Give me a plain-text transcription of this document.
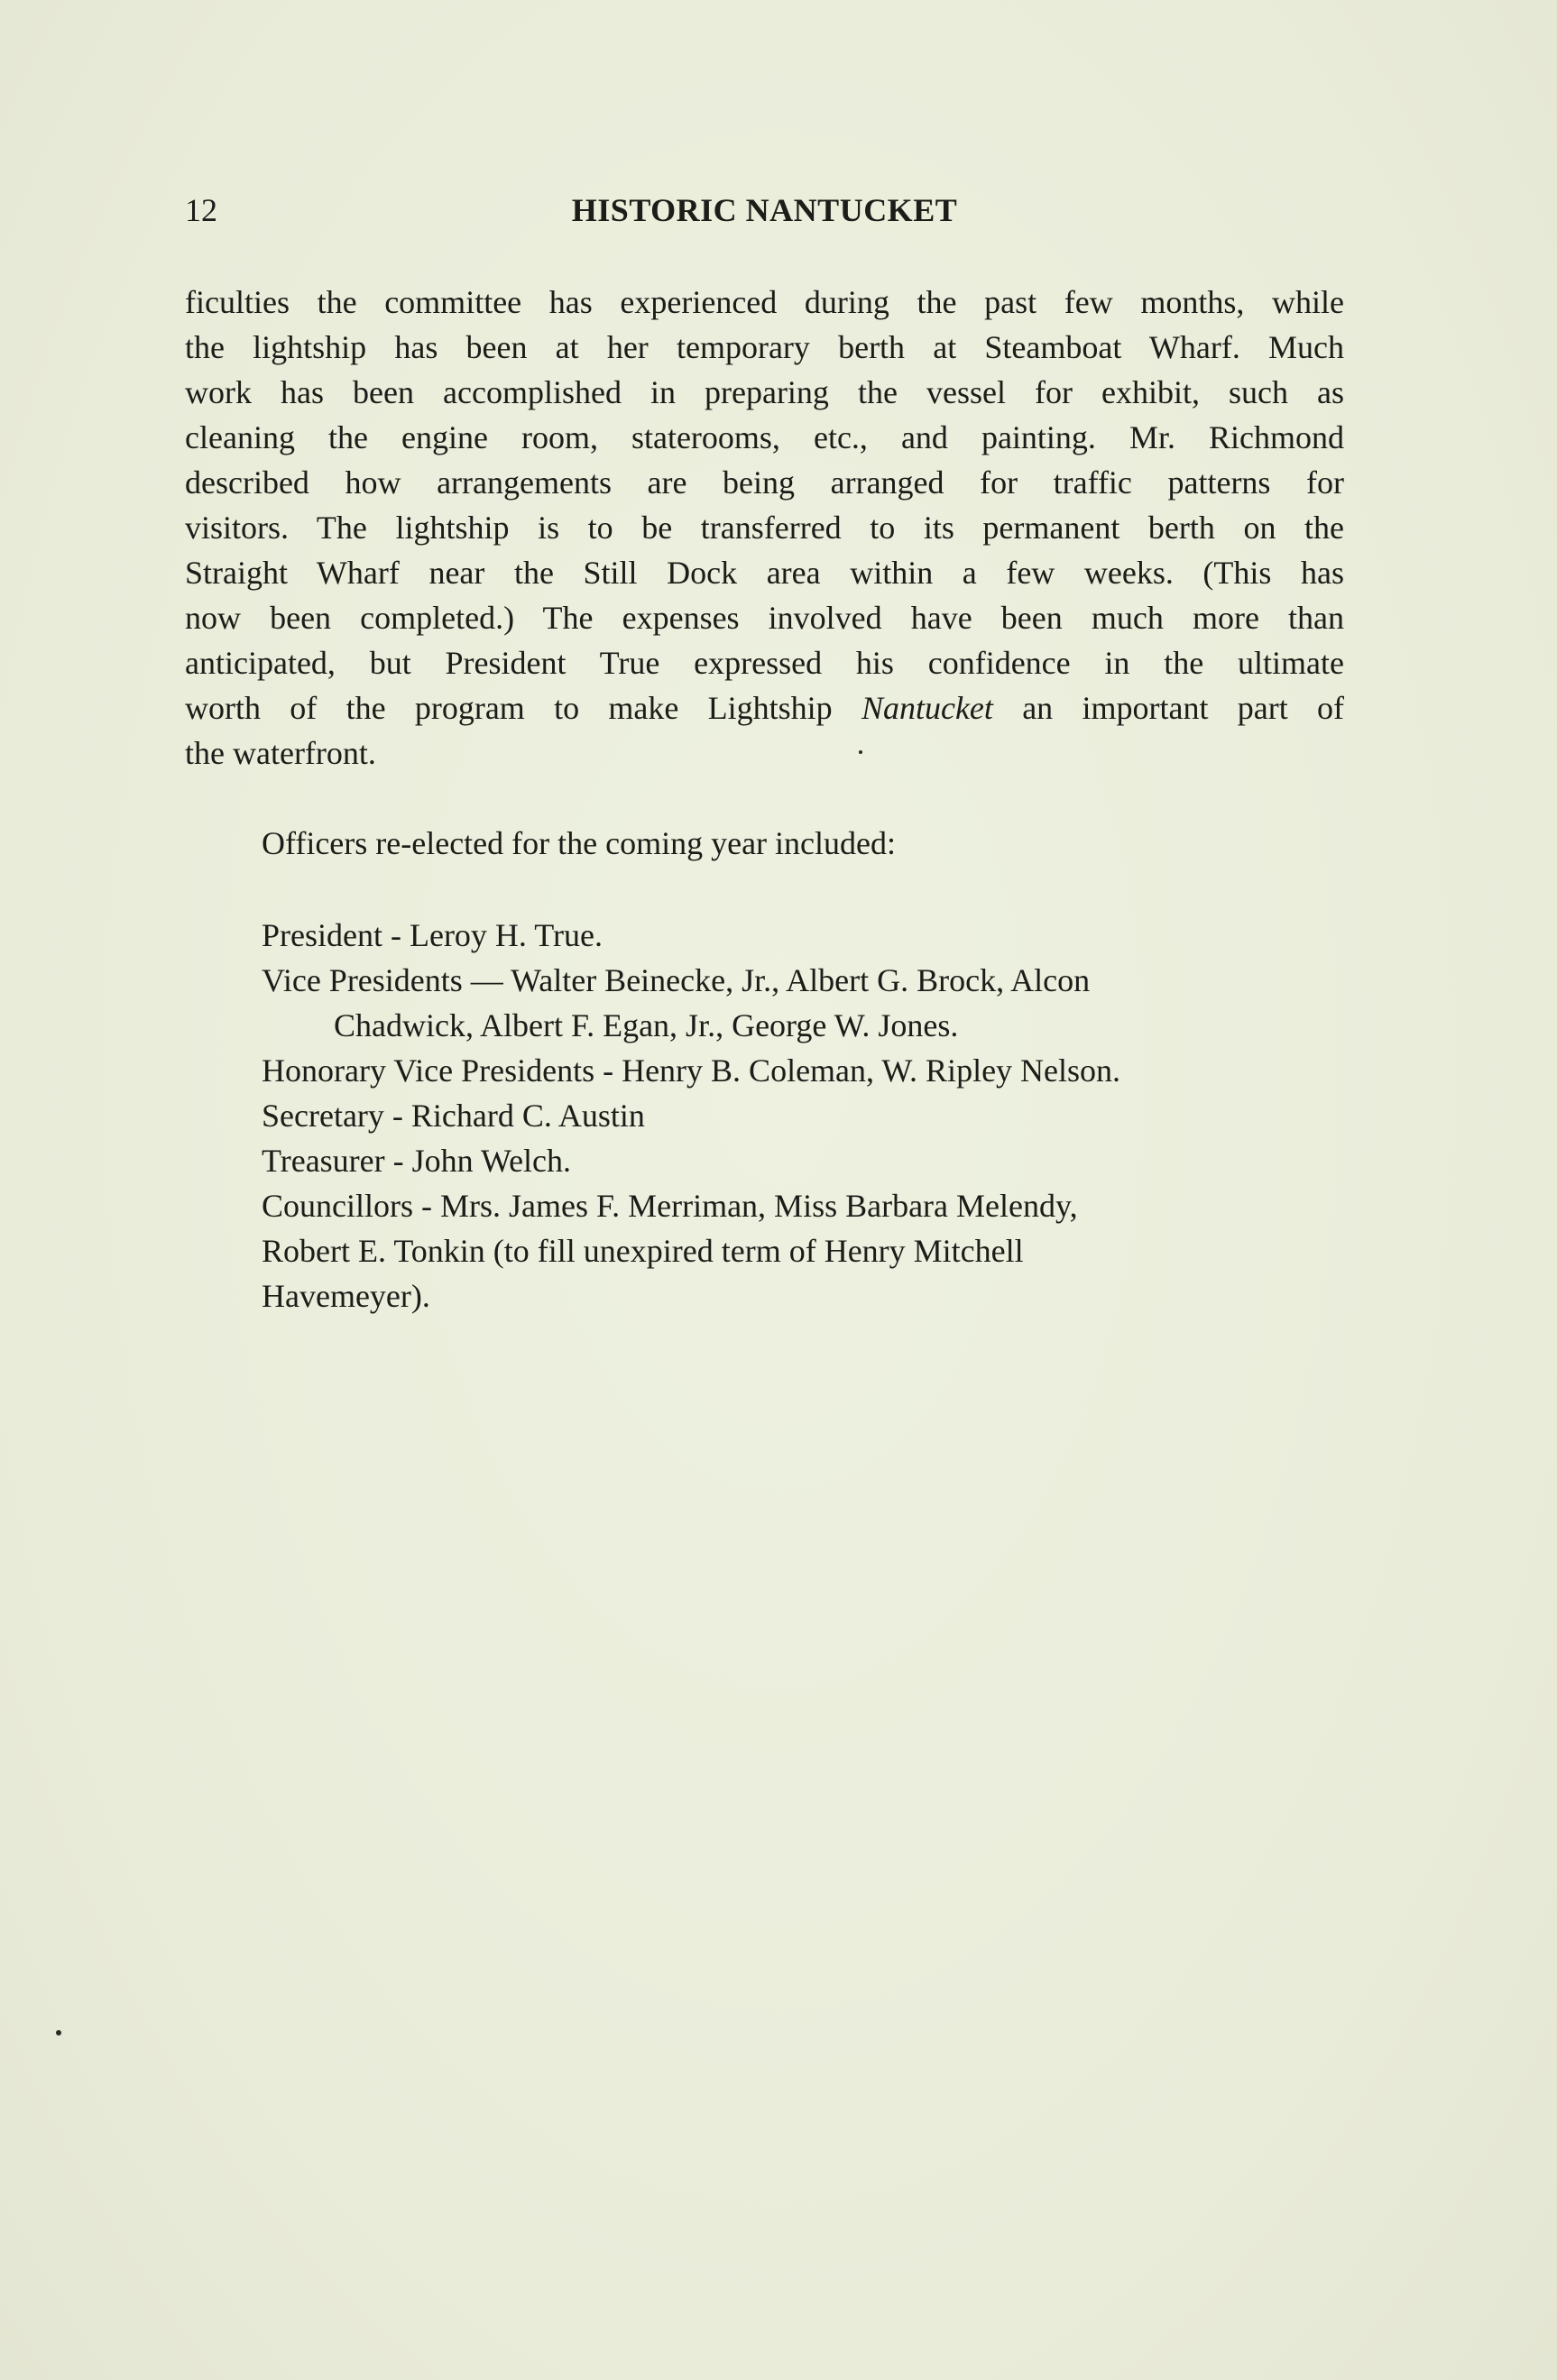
12	HISTORIC NANTUCKET

ficulties the committee has experienced during the past few months, while
the lightship has been at her temporary berth at Steamboat Wharf. Much
work has been accomplished in preparing the vessel for exhibit, such as
cleaning the engine room, staterooms, etc., and painting. Mr. Richmond
described how arrangements are being arranged for traffic patterns for
visitors. The lightship is to be transferred to its permanent berth on the
Straight Wharf near the Still Dock area within a few weeks. (This has
now been completed.) The expenses involved have been much more than
anticipated, but President True expressed his confidence in the ultimate
worth of the program to make Lightship Nantucket an important part of
the waterfront.

Officers re-elected for the coming year included:

President - Leroy H. True.
Vice Presidents — Walter Beinecke, Jr., Albert G. Brock, Alcon
Chadwick, Albert F. Egan, Jr., George W. Jones.
Honorary Vice Presidents - Henry B. Coleman, W. Ripley Nelson.
Secretary - Richard C. Austin
Treasurer - John Welch.
Councillors - Mrs. James F. Merriman, Miss Barbara Melendy,
Robert E. Tonkin (to fill unexpired term of Henry Mitchell
Havemeyer).
